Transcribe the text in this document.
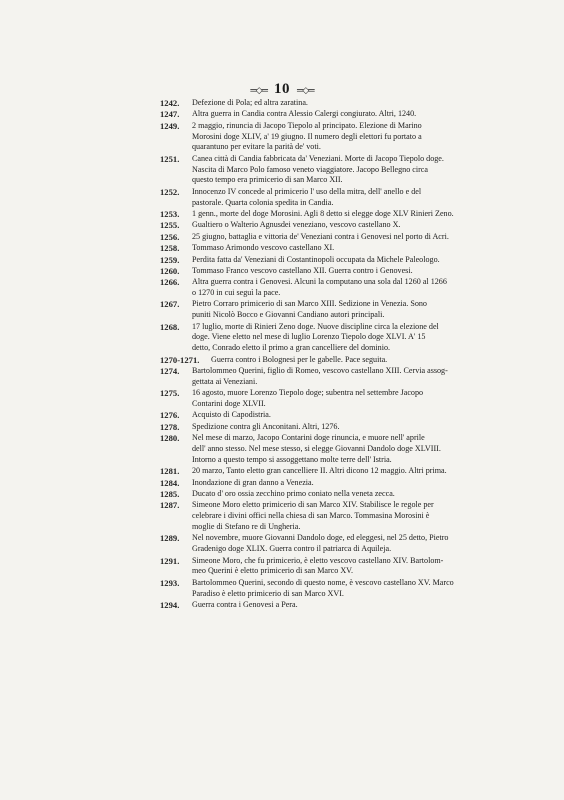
═◇═ 10 ═◇═
1242.	Defezione di Pola; ed altra zaratina.
1247.	Altra guerra in Candia contra Alessio Calergi congiurato. Altri, 1240.
1249.	2 maggio, rinuncia di Jacopo Tiepolo al principato. Elezione di Marino
Morosini doge XLIV, a' 19 giugno. Il numero degli elettori fu portato a
quarantuno per evitare la parità de' voti.
1251.	Canea città di Candia fabbricata da' Veneziani. Morte di Jacopo Tiepolo doge.
Nascita di Marco Polo famoso veneto viaggiatore. Jacopo Bellegno circa
questo tempo era primicerio di san Marco XII.
1252.	Innocenzo IV concede al primicerio l' uso della mitra, dell' anello e del
pastorale. Quarta colonia spedita in Candia.
1253.	1 genn., morte del doge Morosini. Agli 8 detto si elegge doge XLV Rinieri Zeno.
1255.	Gualtiero o Walterio Agnusdei veneziano, vescovo castellano X.
1256.	25 giugno, battaglia e vittoria de' Veneziani contra i Genovesi nel porto di Acri.
1258.	Tommaso Arimondo vescovo castellano XI.
1259.	Perdita fatta da' Veneziani di Costantinopoli occupata da Michele Paleologo.
1260.	Tommaso Franco vescovo castellano XII. Guerra contro i Genovesi.
1266.	Altra guerra contra i Genovesi. Alcuni la computano una sola dal 1260 al 1266
o 1270 in cui seguì la pace.
1267.	Pietro Corraro primicerio di san Marco XIII. Sedizione in Venezia. Sono
puniti Nicolò Bocco e Giovanni Candiano autori principali.
1268.	17 luglio, morte di Rinieri Zeno doge. Nuove discipline circa la elezione del
doge. Viene eletto nel mese di luglio Lorenzo Tiepolo doge XLVI. A' 15
detto, Conrado eletto il primo a gran cancelliere del dominio.
1270-1271.	Guerra contro i Bolognesi per le gabelle. Pace seguita.
1274.	Bartolommeo Querini, figlio di Romeo, vescovo castellano XIII. Cervia assog-
gettata ai Veneziani.
1275.	16 agosto, muore Lorenzo Tiepolo doge; subentra nel settembre Jacopo
Contarini doge XLVII.
1276.	Acquisto di Capodistria.
1278.	Spedizione contra gli Anconitani. Altri, 1276.
1280.	Nel mese di marzo, Jacopo Contarini doge rinuncia, e muore nell' aprile
dell' anno stesso. Nel mese stesso, si elegge Giovanni Dandolo doge XLVIII.
Intorno a questo tempo si assoggettano molte terre dell' Istria.
1281.	20 marzo, Tanto eletto gran cancelliere II. Altri dicono 12 maggio. Altri prima.
1284.	Inondazione di gran danno a Venezia.
1285.	Ducato d' oro ossia zecchino primo coniato nella veneta zecca.
1287.	Simeone Moro eletto primicerio di san Marco XIV. Stabilisce le regole per
celebrare i divini offici nella chiesa di san Marco. Tommasina Morosini è
moglie di Stefano re di Ungheria.
1289.	Nel novembre, muore Giovanni Dandolo doge, ed eleggesi, nel 25 detto, Pietro
Gradenigo doge XLIX. Guerra contro il patriarca di Aquileja.
1291.	Simeone Moro, che fu primicerio, è eletto vescovo castellano XIV. Bartolom-
meo Querini è eletto primicerio di san Marco XV.
1293.	Bartolommeo Querini, secondo di questo nome, è vescovo castellano XV. Marco
Paradiso è eletto primicerio di san Marco XVI.
1294.	Guerra contra i Genovesi a Pera.
